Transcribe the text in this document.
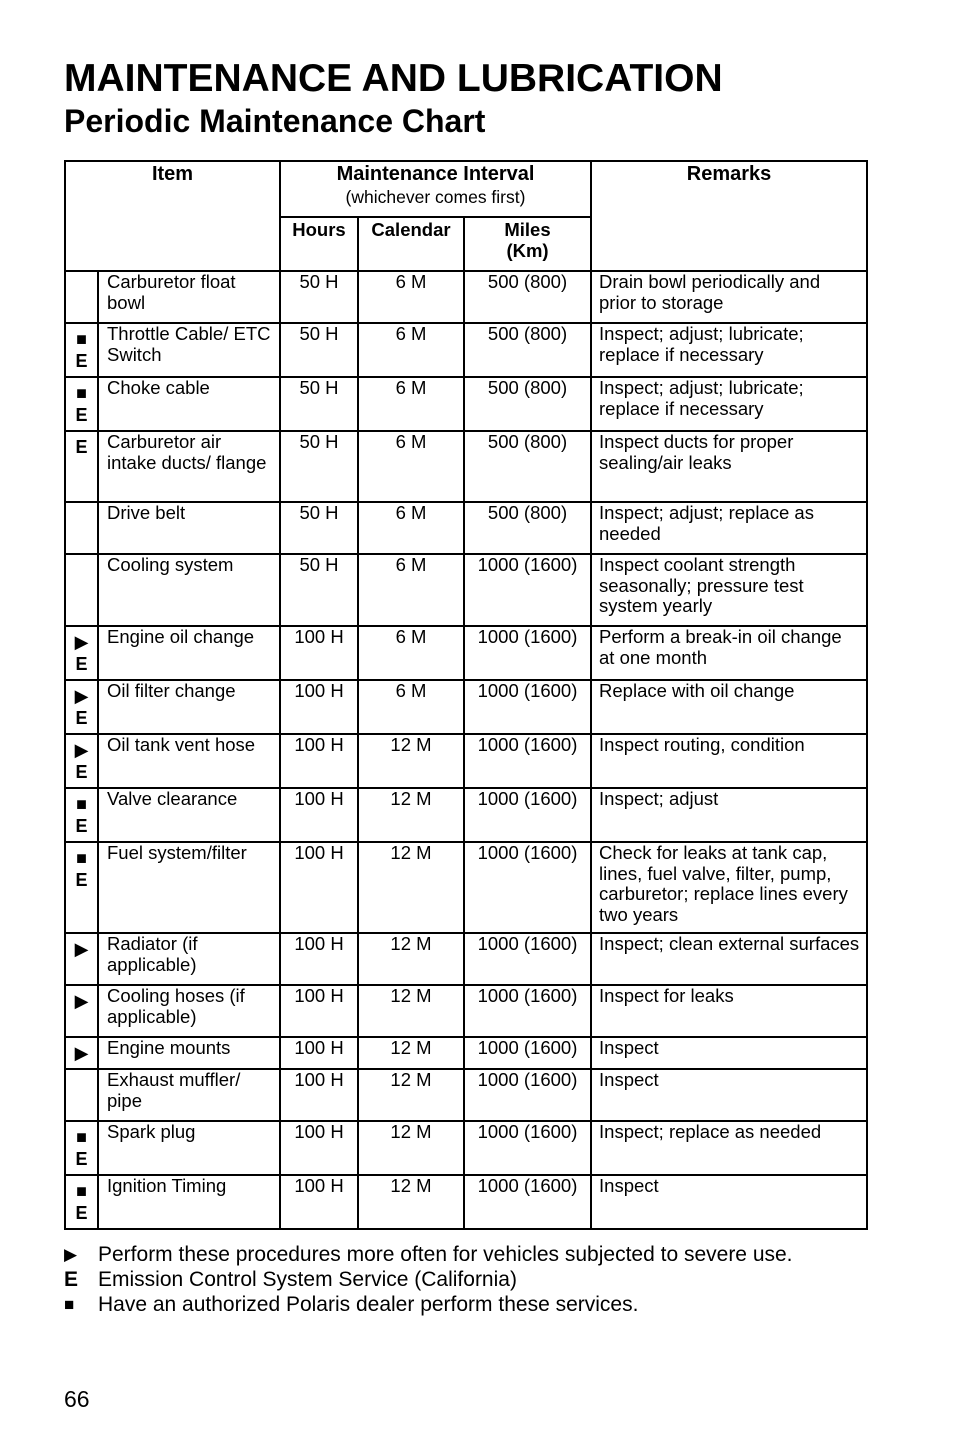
MAINTENANCE AND LUBRICATION
Periodic Maintenance Chart
Item		Maintenance Interval
(whichever comes first)			Remarks
		Hours	Calendar	Miles
(Km)	
	Carburetor float bowl	50 H	6 M	500 (800)	Drain bowl periodically and prior to storage

■
E	Throttle Cable/ ETC Switch	50 H	6 M	500 (800)	Inspect; adjust; lubricate; replace if necessary

■
E	Choke cable	50 H	6 M	500 (800)	Inspect; adjust; lubricate; replace if necessary

E	Carburetor air intake ducts/ flange	50 H	6 M	500 (800)	Inspect ducts for proper sealing/air leaks
	Drive belt	50 H	6 M	500 (800)	Inspect; adjust; replace as needed
	Cooling system	50 H	6 M	1000 (1600)	Inspect coolant strength seasonally; pressure test system yearly

▶
E	Engine oil change	100 H	6 M	1000 (1600)	Perform a break-in oil change at one month

▶
E	Oil filter change	100 H	6 M	1000 (1600)	Replace with oil change

▶
E	Oil tank vent hose	100 H	12 M	1000 (1600)	Inspect routing, condition

■
E	Valve clearance	100 H	12 M	1000 (1600)	Inspect; adjust

■
E	Fuel system/filter	100 H	12 M	1000 (1600)	Check for leaks at tank cap, lines, fuel valve, filter, pump, carburetor; replace lines every two years

▶	Radiator (if applicable)	100 H	12 M	1000 (1600)	Inspect; clean external surfaces

▶	Cooling hoses (if applicable)	100 H	12 M	1000 (1600)	Inspect for leaks

▶	Engine mounts	100 H	12 M	1000 (1600)	Inspect
	Exhaust muffler/ pipe	100 H	12 M	1000 (1600)	Inspect

■
E	Spark plug	100 H	12 M	1000 (1600)	Inspect; replace as needed

■
E	Ignition Timing	100 H	12 M	1000 (1600)	Inspect
▶ Perform these procedures more often for vehicles subjected to severe use.
E Emission Control System Service (California)
■	Have an authorized Polaris dealer perform these services.
66
